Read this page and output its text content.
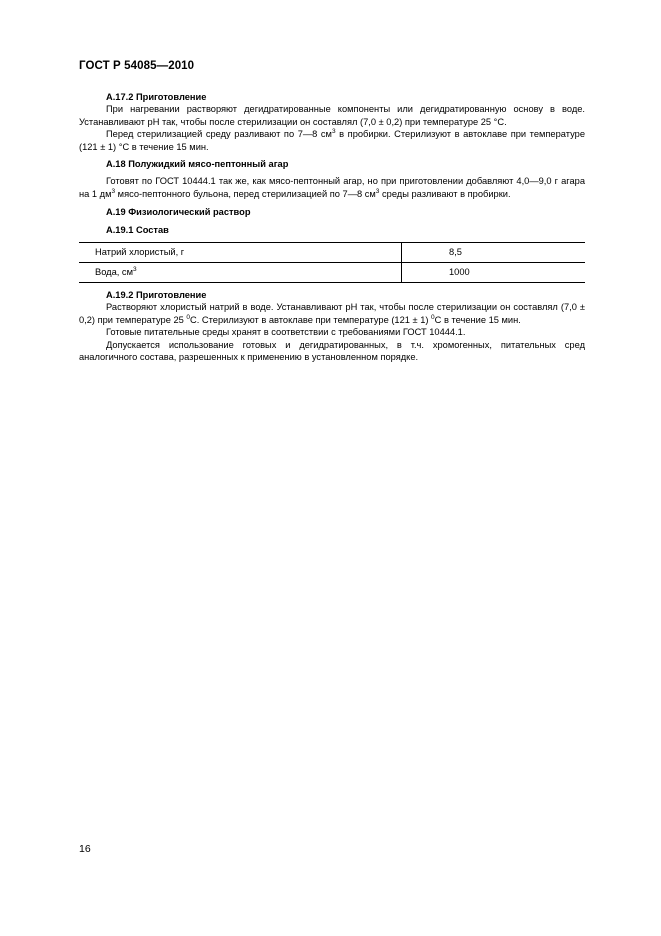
ГОСТ Р 54085—2010
А.17.2 Приготовление

При нагревании растворяют дегидратированные компоненты или дегидратированную основу в воде. Устанавливают pH так, чтобы после стерилизации он составлял (7,0 ± 0,2) при температуре 25 °С.

Перед стерилизацией среду разливают по 7—8 $см^3$ в пробирки. Стерилизуют в автоклаве при температуре (121 ± 1) °С в течение 15 мин.

А.18 Полужидкий мясо-пептонный агар

Готовят по ГОСТ 10444.1 так же, как мясо-пептонный агар, но при приготовлении добавляют 4,0—9,0 г агара на 1 $дм^3$ мясо-пептонного бульона, перед стерилизацией по 7—8 $см^3$ среды разливают в пробирки.

А.19 Физиологический раствор
А.19.1 Состав
Натрий хлористый, г	8,5
Вода, $см^3$	1000
А.19.2 Приготовление

Растворяют хлористый натрий в воде. Устанавливают pH так, чтобы после стерилизации он составлял (7,0 ± 0,2) при температуре 25 $^0$С. Стерилизуют в автоклаве при температуре (121 ± 1) $^0$С в течение 15 мин.

Готовые питательные среды хранят в соответствии с требованиями ГОСТ 10444.1.

Допускается использование готовых и дегидратированных, в т.ч. хромогенных, питательных сред аналогичного состава, разрешенных к применению в установленном порядке.

16
